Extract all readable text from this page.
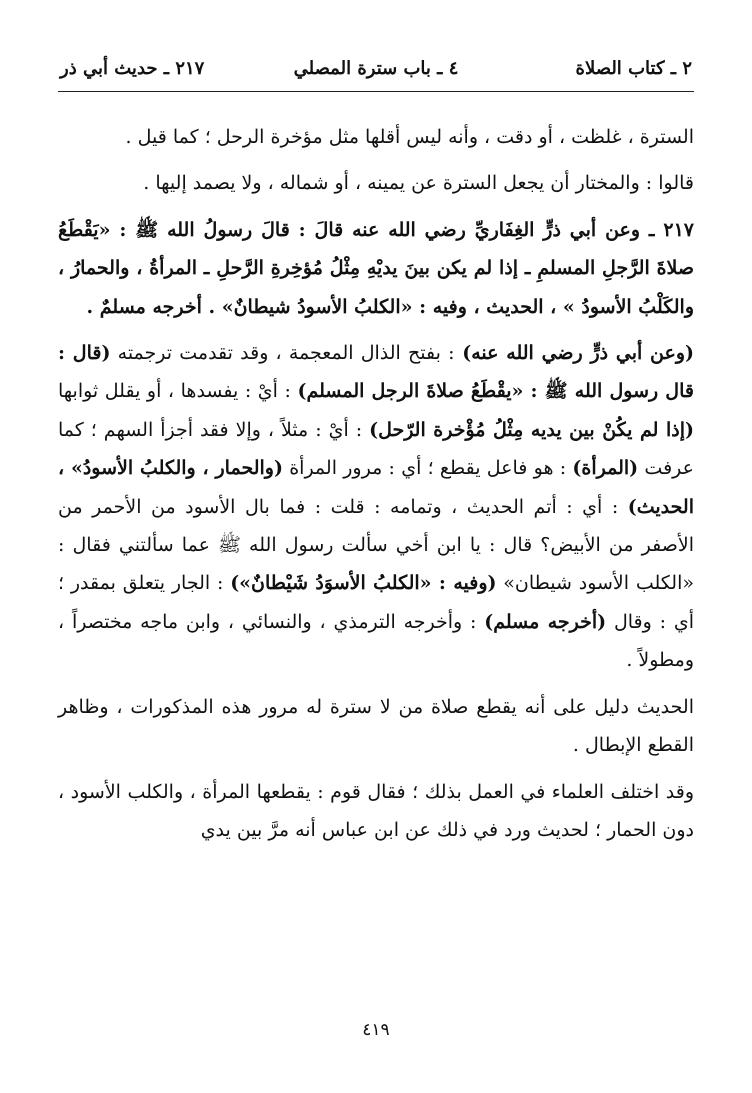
٢ ـ كتاب الصلاة
٤ ـ باب سترة المصلي
٢١٧ ـ حديث أبي ذر

السترة ، غلظت ، أو دقت ، وأنه ليس أقلها مثل مؤخرة الرحل ؛ كما قيل .

قالوا : والمختار أن يجعل السترة عن يمينه ، أو شماله ، ولا يصمد إليها .

٢١٧ ـ وعن أبي ذرٍّ الغِفَاريِّ رضي الله عنه قالَ : قالَ رسولُ الله ﷺ : «يَقْطَعُ صلاةَ الرَّجلِ المسلمِ ـ إذا لم يكن بينَ يديْهِ مِثْلُ مُؤخِرةِ الرَّحلِ ـ المرأةُ ، والحمارُ ، والكَلْبُ الأسودُ » ، الحديث ، وفيه : «الكلبُ الأسودُ شيطانٌ» . أخرجه مسلمٌ .

(وعن أبي ذرٍّ رضي الله عنه) : بفتح الذال المعجمة ، وقد تقدمت ترجمته (قال : قال رسول الله ﷺ : «يقْطَعُ صلاةَ الرجل المسلم) : أيْ : يفسدها ، أو يقلل ثوابها (إذا لم يكُنْ بين يديه مِثْلُ مُؤْخرة الرّحل) : أيْ : مثلاً ، وإلا فقد أجزأ السهم ؛ كما عرفت (المرأة) : هو فاعل يقطع ؛ أي : مرور المرأة (والحمار ، والكلبُ الأسودُ» ، الحديث) : أي : أتم الحديث ، وتمامه : قلت : فما بال الأسود من الأحمر من الأصفر من الأبيض؟ قال : يا ابن أخي سألت رسول الله ﷺ عما سألتني فقال : «الكلب الأسود شيطان» (وفيه : «الكلبُ الأسوَدُ شَيْطانٌ») : الجار يتعلق بمقدر ؛ أي : وقال (أخرجه مسلم) : وأخرجه الترمذي ، والنسائي ، وابن ماجه مختصراً ، ومطولاً .

الحديث دليل على أنه يقطع صلاة من لا سترة له مرور هذه المذكورات ، وظاهر القطع الإبطال .

وقد اختلف العلماء في العمل بذلك ؛ فقال قوم : يقطعها المرأة ، والكلب الأسود ، دون الحمار ؛ لحديث ورد في ذلك عن ابن عباس أنه مرَّ بين يدي

٤١٩
